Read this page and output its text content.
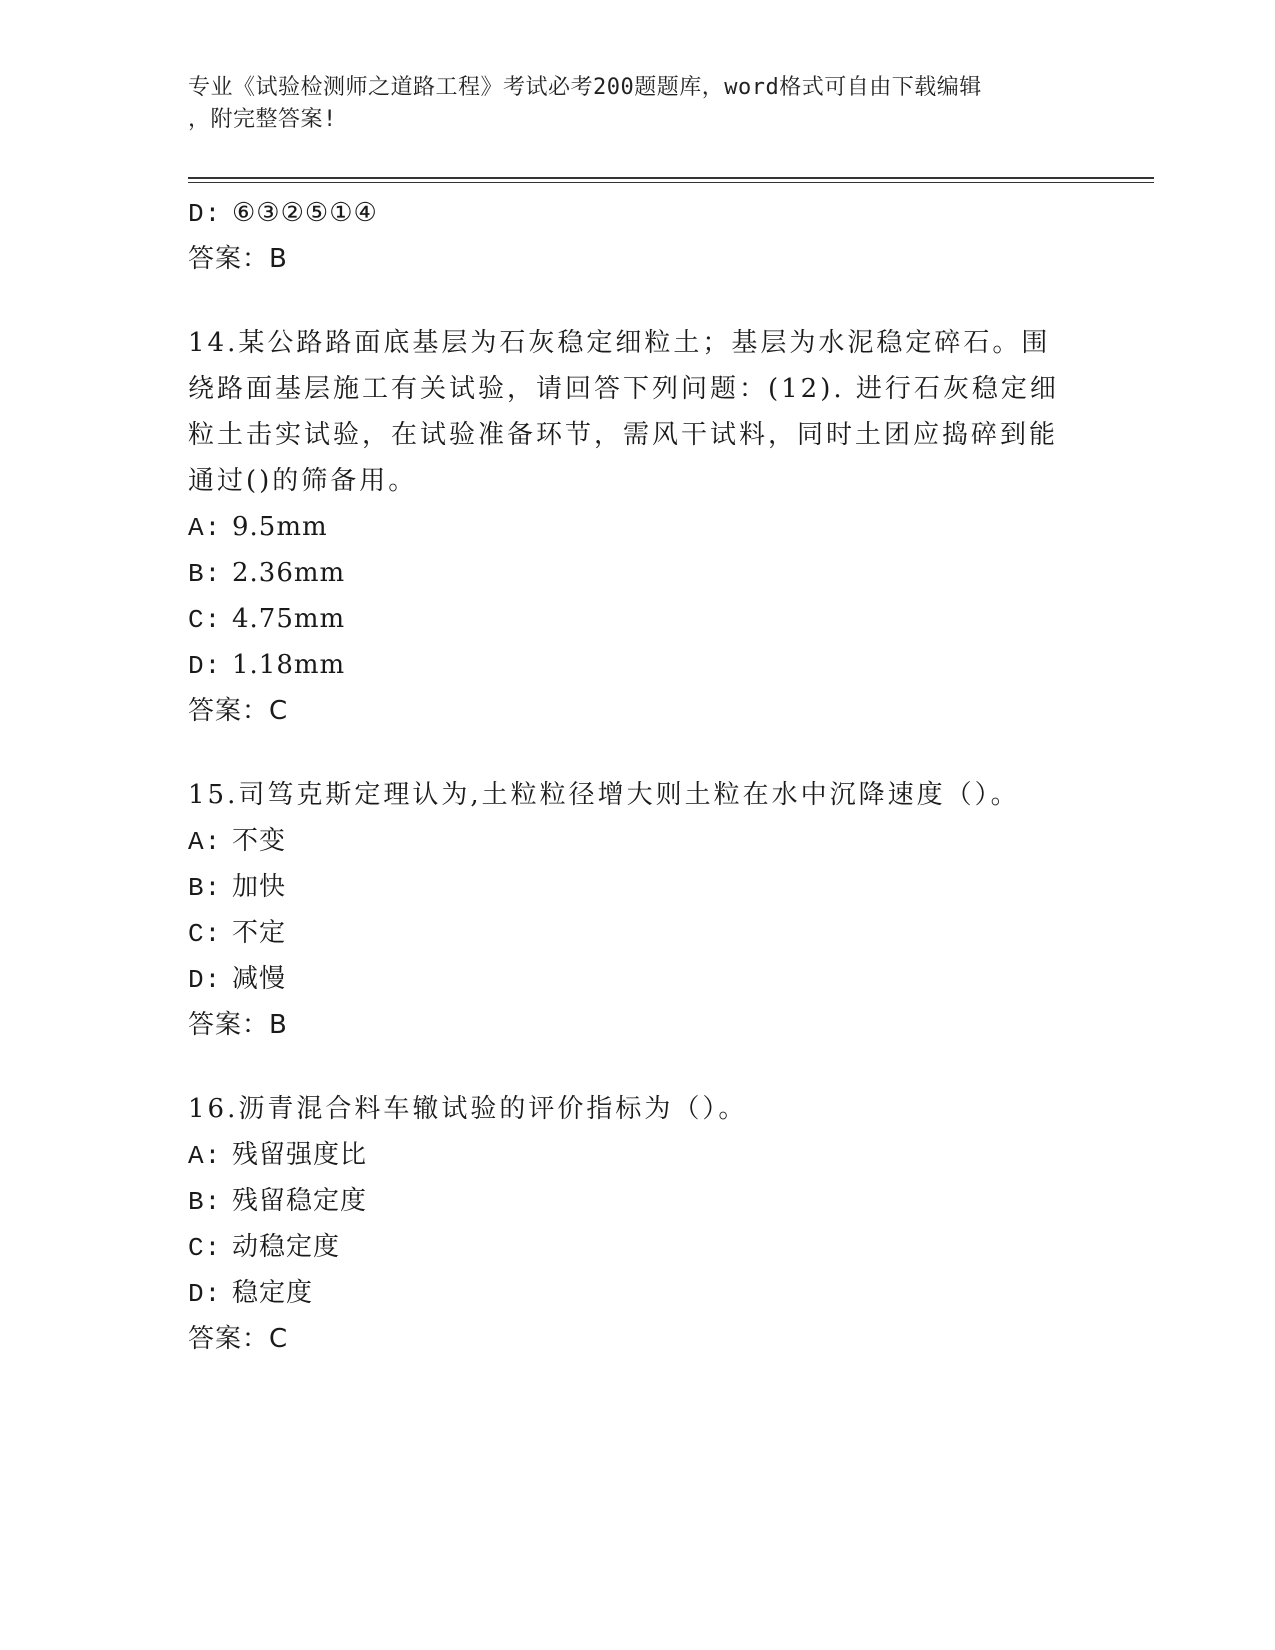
专业《试验检测师之道路工程》考试必考200题题库，word格式可自由下载编辑

，附完整答案!
D: ⑥③②⑤①④
答案：B
14.某公路路面底基层为石灰稳定细粒土；基层为水泥稳定碎石。围绕路面基层施工有关试验，请回答下列问题：(12). 进行石灰稳定细粒土击实试验，在试验准备环节，需风干试料，同时土团应捣碎到能通过()的筛备用。
A: 9.5mm
B: 2.36mm
C: 4.75mm
D: 1.18mm
答案：C
15.司笃克斯定理认为,土粒粒径增大则土粒在水中沉降速度（）。
A: 不变
B: 加快
C: 不定
D: 减慢
答案：B
16.沥青混合料车辙试验的评价指标为（）。
A: 残留强度比
B: 残留稳定度
C: 动稳定度
D: 稳定度
答案：C
